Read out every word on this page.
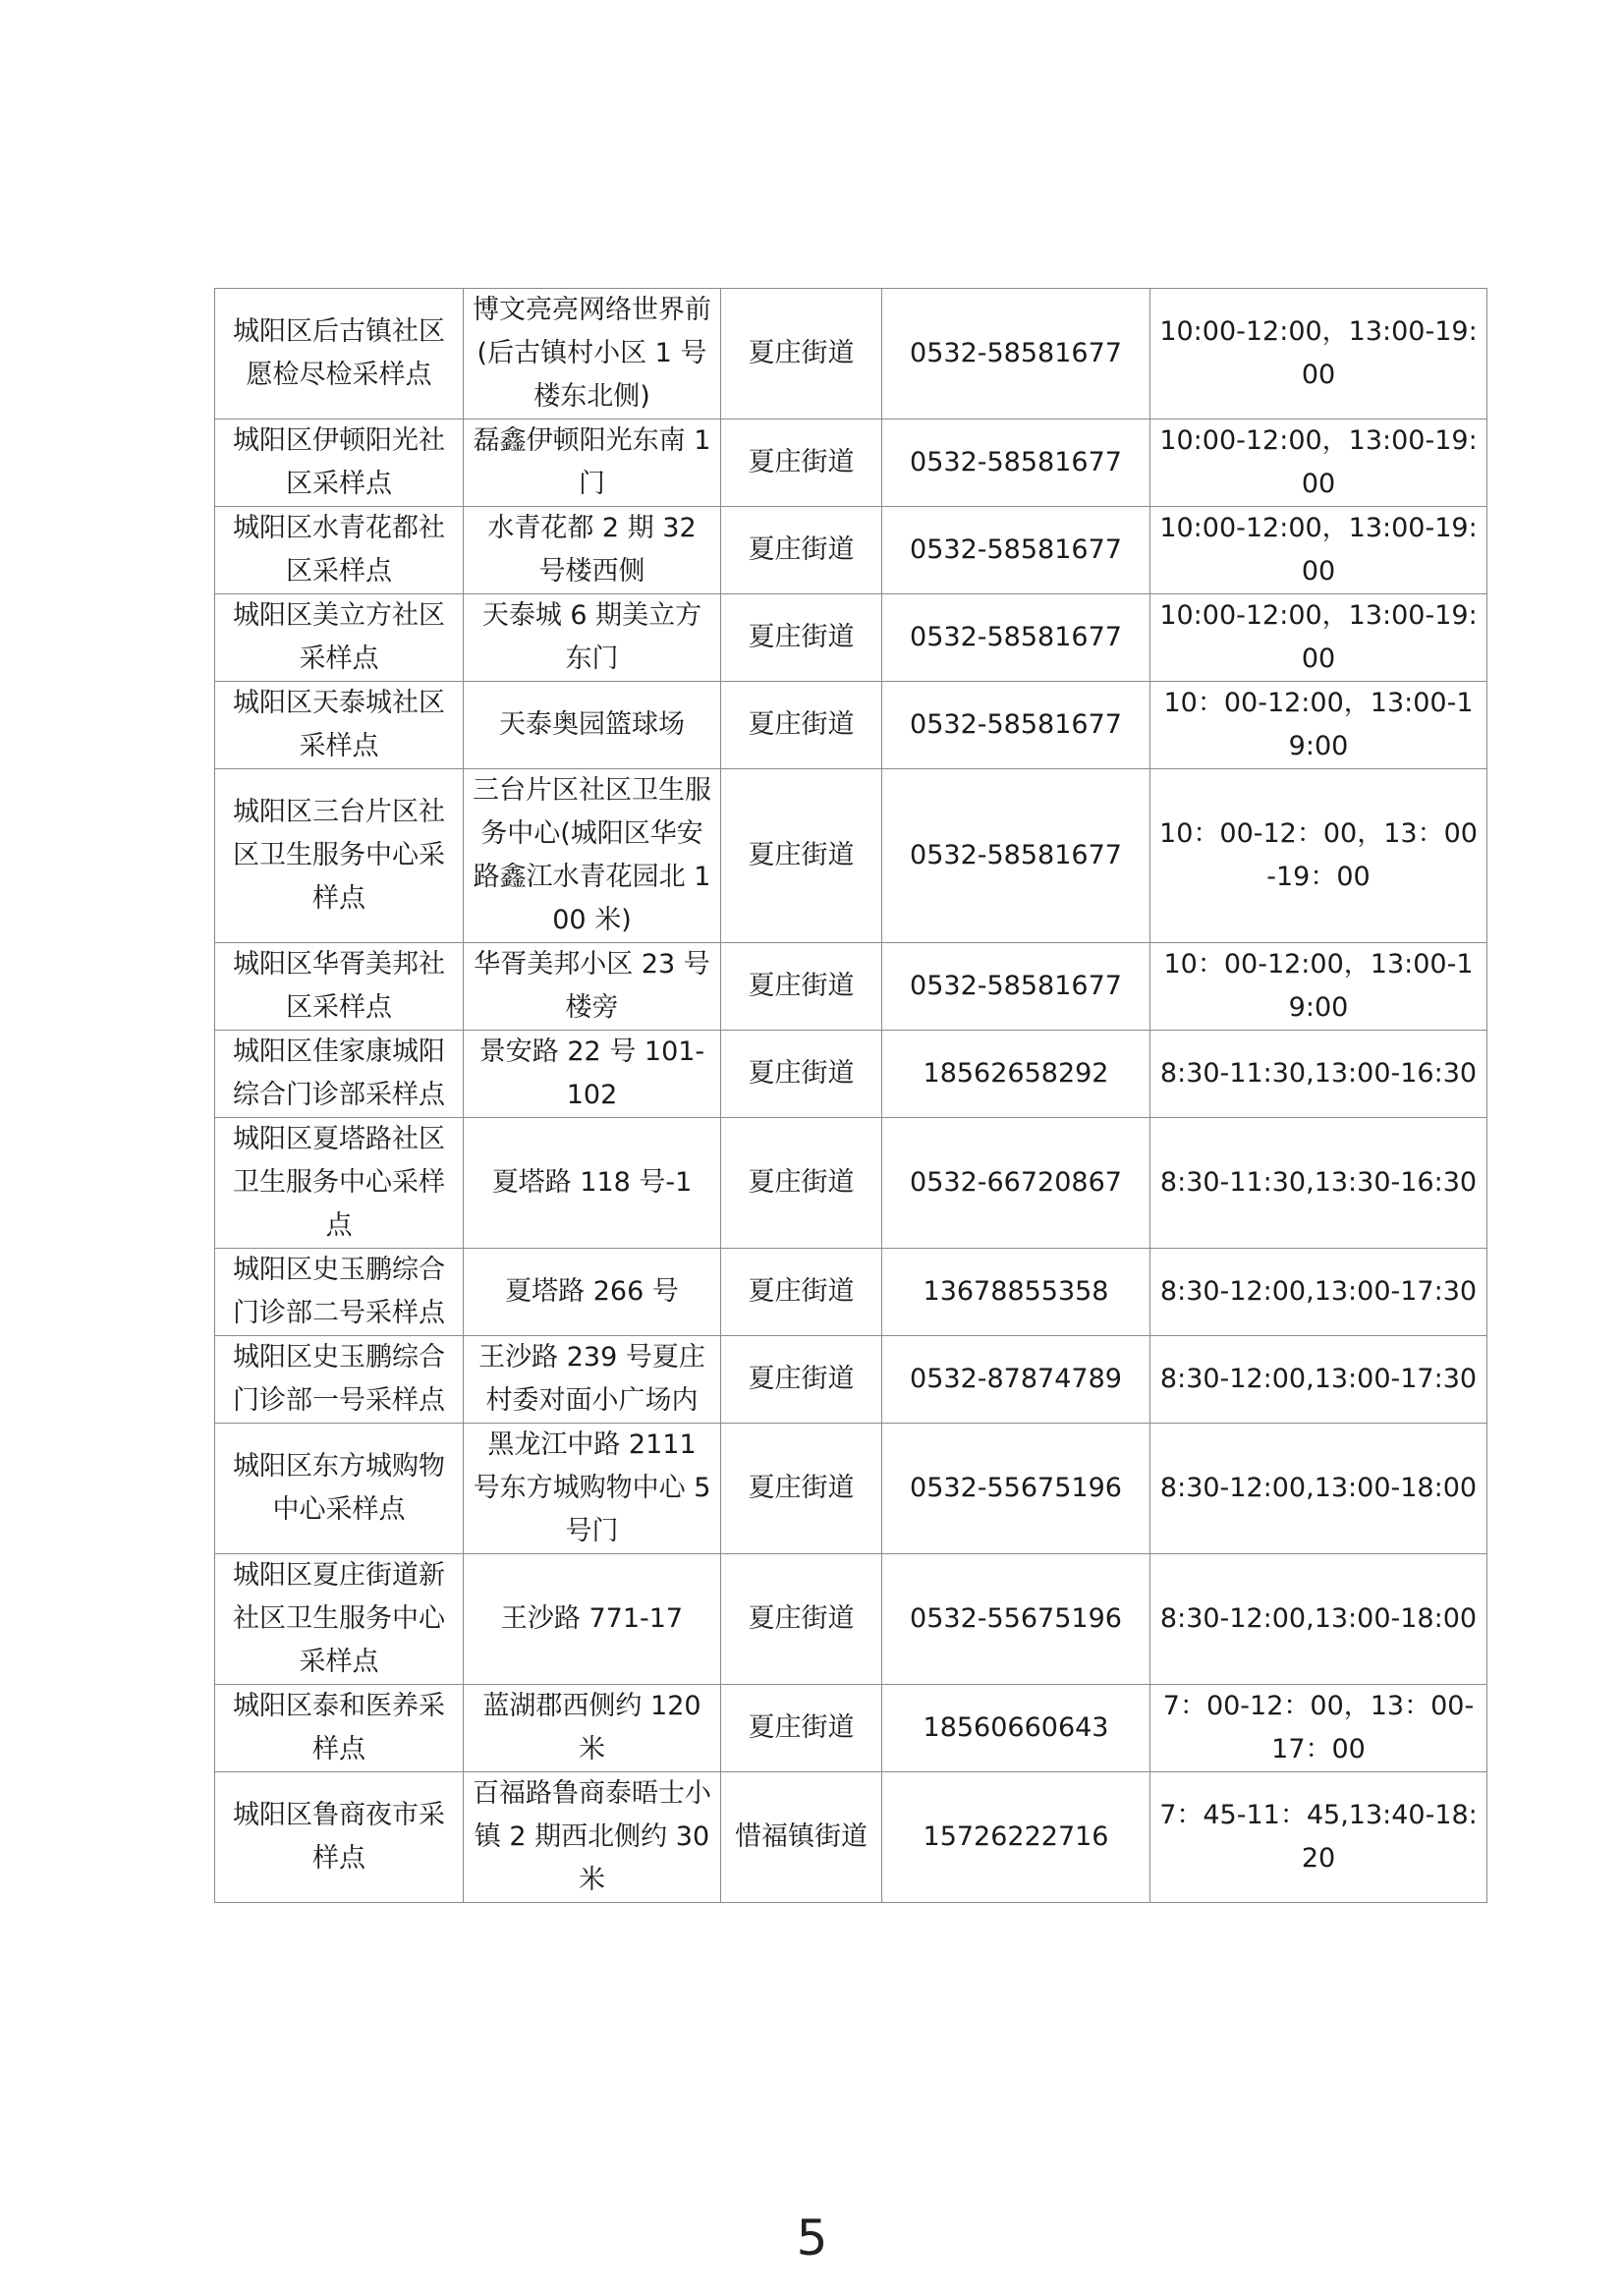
城阳区后古镇社区愿检尽检采样点	博文亮亮网络世界前(后古镇村小区 1 号楼东北侧)	夏庄街道	0532-58581677	10:00-12:00，13:00-19:00
城阳区伊顿阳光社区采样点	磊鑫伊顿阳光东南 1 门	夏庄街道	0532-58581677	10:00-12:00，13:00-19:00
城阳区水青花都社区采样点	水青花都 2 期 32 号楼西侧	夏庄街道	0532-58581677	10:00-12:00，13:00-19:00
城阳区美立方社区采样点	天泰城 6 期美立方东门	夏庄街道	0532-58581677	10:00-12:00，13:00-19:00
城阳区天泰城社区采样点	天泰奥园篮球场	夏庄街道	0532-58581677	10：00-12:00，13:00-19:00
城阳区三台片区社区卫生服务中心采样点	三台片区社区卫生服务中心(城阳区华安路鑫江水青花园北 100 米)	夏庄街道	0532-58581677	10：00-12：00，13：00-19：00
城阳区华胥美邦社区采样点	华胥美邦小区 23 号楼旁	夏庄街道	0532-58581677	10：00-12:00，13:00-19:00
城阳区佳家康城阳综合门诊部采样点	景安路 22 号 101-102	夏庄街道	18562658292	8:30-11:30,13:00-16:30
城阳区夏塔路社区卫生服务中心采样点	夏塔路 118 号-1	夏庄街道	0532-66720867	8:30-11:30,13:30-16:30
城阳区史玉鹏综合门诊部二号采样点	夏塔路 266 号	夏庄街道	13678855358	8:30-12:00,13:00-17:30
城阳区史玉鹏综合门诊部一号采样点	王沙路 239 号夏庄村委对面小广场内	夏庄街道	0532-87874789	8:30-12:00,13:00-17:30
城阳区东方城购物中心采样点	黑龙江中路 2111 号东方城购物中心 5 号门	夏庄街道	0532-55675196	8:30-12:00,13:00-18:00
城阳区夏庄街道新社区卫生服务中心采样点	王沙路 771-17	夏庄街道	0532-55675196	8:30-12:00,13:00-18:00
城阳区泰和医养采样点	蓝湖郡西侧约 120 米	夏庄街道	18560660643	7：00-12：00，13：00-17：00
城阳区鲁商夜市采样点	百福路鲁商泰晤士小镇 2 期西北侧约 30 米	惜福镇街道	15726222716	7：45-11：45,13:40-18:20
5
